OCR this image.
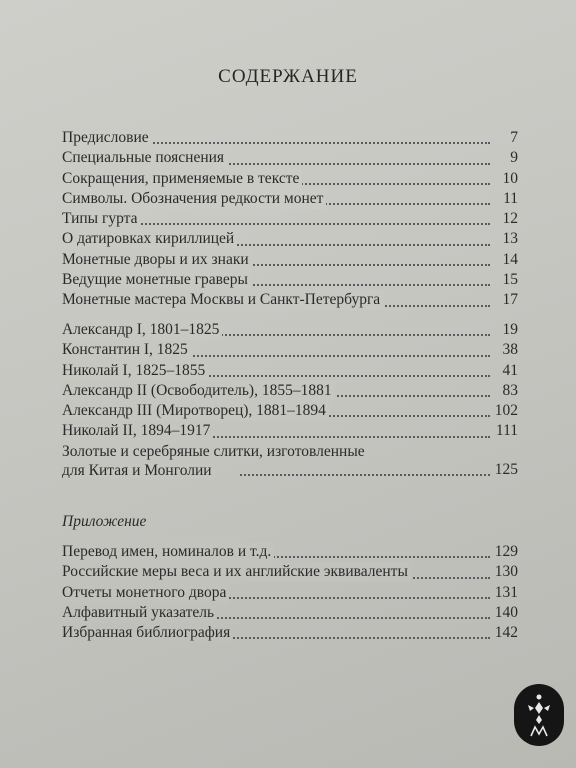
СОДЕРЖАНИЕ
Предисловие	7
Специальные пояснения	9
Сокращения, применяемые в тексте	10
Символы. Обозначения редкости монет	11
Типы гурта	12
О датировках кириллицей	13
Монетные дворы и их знаки	14
Ведущие монетные граверы	15
Монетные мастера Москвы и Санкт-Петербурга	17
Александр I, 1801–1825	19
Константин I, 1825	38
Николай I, 1825–1855	41
Александр II (Освободитель), 1855–1881	83
Александр III (Миротворец), 1881–1894	102
Николай II, 1894–1917	111
Золотые и серебряные слитки, изготовленные
для Китая и Монголии	125
Приложение
Перевод имен, номиналов и т.д.	129
Российские меры веса и их английские эквиваленты	130
Отчеты монетного двора	131
Алфавитный указатель	140
Избранная библиография	142
